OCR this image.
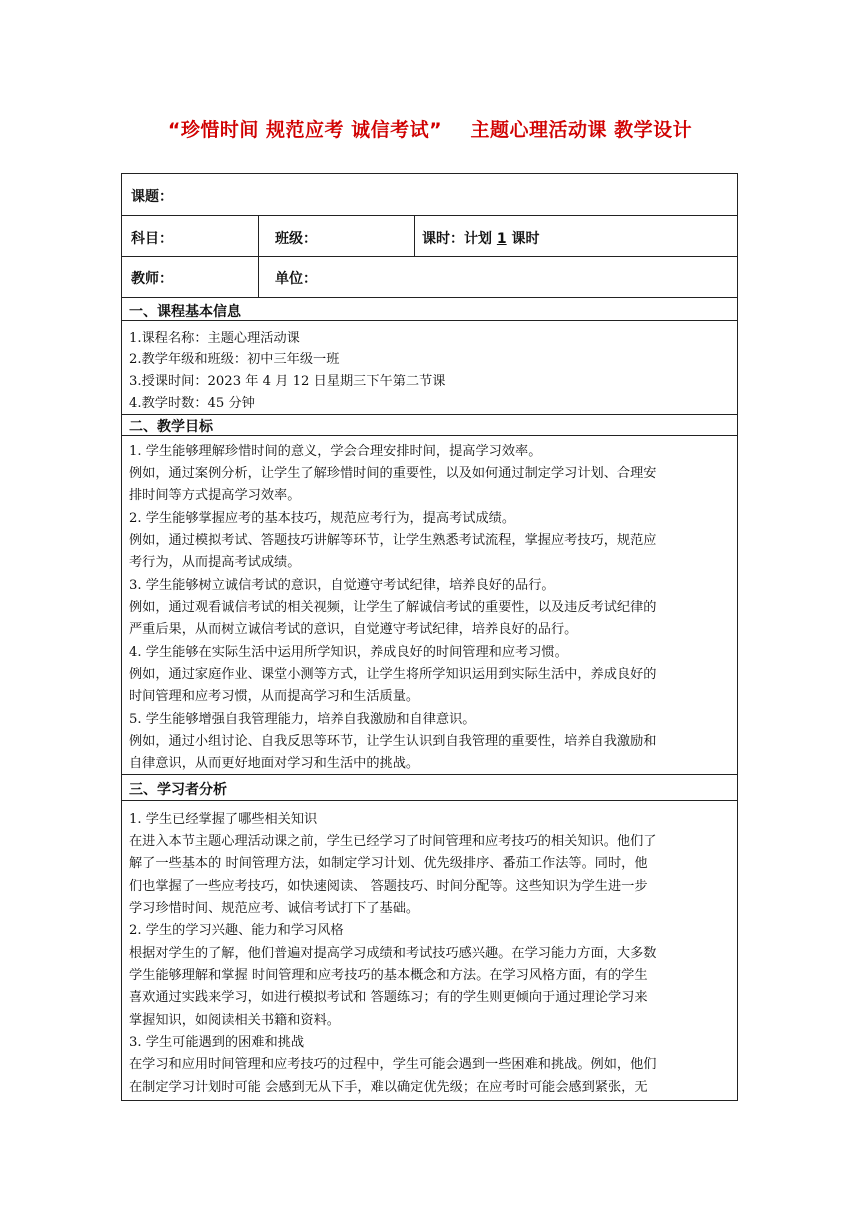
“珍惜时间 规范应考 诚信考试”    主题心理活动课 教学设计
课题：
科目：	班级：	课时：计划 1 课时
教师：	单位：
一、课程基本信息
1.课程名称：主题心理活动课
2.教学年级和班级：初中三年级一班
3.授课时间：2023 年 4 月 12 日星期三下午第二节课
4.教学时数：45 分钟
二、教学目标
1. 学生能够理解珍惜时间的意义，学会合理安排时间，提高学习效率。
例如，通过案例分析，让学生了解珍惜时间的重要性，以及如何通过制定学习计划、合理安
排时间等方式提高学习效率。
2. 学生能够掌握应考的基本技巧，规范应考行为，提高考试成绩。
例如，通过模拟考试、答题技巧讲解等环节，让学生熟悉考试流程，掌握应考技巧，规范应
考行为，从而提高考试成绩。
3. 学生能够树立诚信考试的意识，自觉遵守考试纪律，培养良好的品行。
例如，通过观看诚信考试的相关视频，让学生了解诚信考试的重要性，以及违反考试纪律的
严重后果，从而树立诚信考试的意识，自觉遵守考试纪律，培养良好的品行。
4. 学生能够在实际生活中运用所学知识，养成良好的时间管理和应考习惯。
例如，通过家庭作业、课堂小测等方式，让学生将所学知识运用到实际生活中，养成良好的
时间管理和应考习惯，从而提高学习和生活质量。
5. 学生能够增强自我管理能力，培养自我激励和自律意识。
例如，通过小组讨论、自我反思等环节，让学生认识到自我管理的重要性，培养自我激励和
自律意识，从而更好地面对学习和生活中的挑战。
三、学习者分析
1. 学生已经掌握了哪些相关知识
在进入本节主题心理活动课之前，学生已经学习了时间管理和应考技巧的相关知识。他们了
解了一些基本的 时间管理方法，如制定学习计划、优先级排序、番茄工作法等。同时，他
们也掌握了一些应考技巧，如快速阅读、 答题技巧、时间分配等。这些知识为学生进一步
学习珍惜时间、规范应考、诚信考试打下了基础。
2. 学生的学习兴趣、能力和学习风格
根据对学生的了解，他们普遍对提高学习成绩和考试技巧感兴趣。在学习能力方面，大多数
学生能够理解和掌握 时间管理和应考技巧的基本概念和方法。在学习风格方面，有的学生
喜欢通过实践来学习，如进行模拟考试和 答题练习；有的学生则更倾向于通过理论学习来
掌握知识，如阅读相关书籍和资料。
3. 学生可能遇到的困难和挑战
在学习和应用时间管理和应考技巧的过程中，学生可能会遇到一些困难和挑战。例如，他们
在制定学习计划时可能 会感到无从下手，难以确定优先级；在应考时可能会感到紧张，无
